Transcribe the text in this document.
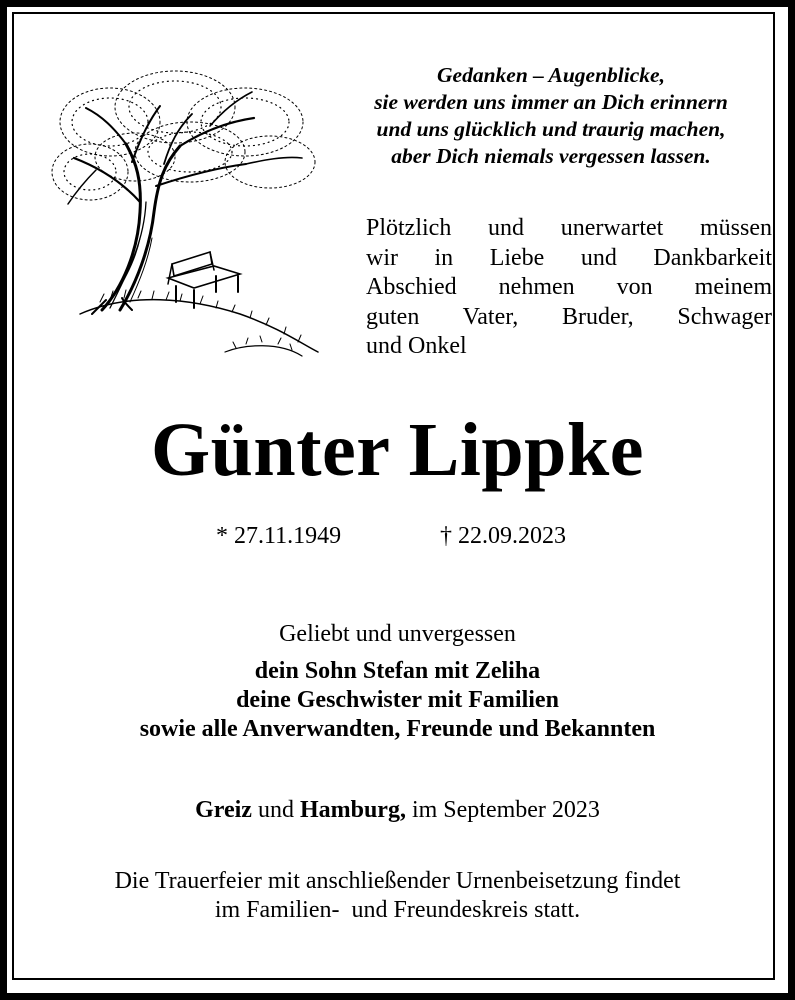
Gedanken – Augenblicke,
sie werden uns immer an Dich erinnern
und uns glücklich und traurig machen,
aber Dich niemals vergessen lassen.
Plötzlich und unerwartet müssen
wir in Liebe und Dankbarkeit
Abschied nehmen von meinem
guten Vater, Bruder, Schwager
und Onkel
Günter Lippke
* 27.11.1949	† 22.09.2023
Geliebt und unvergessen
dein Sohn Stefan mit Zeliha
deine Geschwister mit Familien
sowie alle Anverwandten, Freunde und Bekannten
Greiz und Hamburg, im September 2023
Die Trauerfeier mit anschließender Urnenbeisetzung findet
im Familien-  und Freundeskreis statt.
